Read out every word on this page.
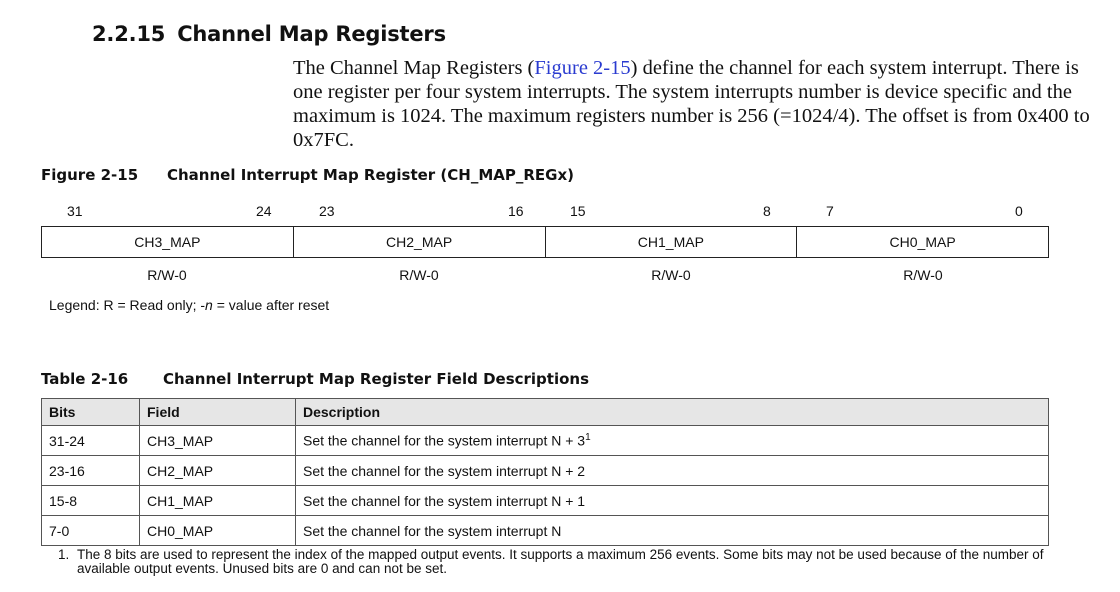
2.2.15 Channel Map Registers

The Channel Map Registers (Figure 2-15) define the channel for each system interrupt. There is one register per four system interrupts. The system interrupts number is device specific and the maximum is 1024. The maximum registers number is 256 (=1024/4). The offset is from 0x400 to 0x7FC.

Figure 2-15 Channel Interrupt Map Register (CH_MAP_REGx)

31	24	23	16	15	8	7	0
CH3_MAP	CH2_MAP	CH1_MAP	CH0_MAP
R/W-0	R/W-0	R/W-0	R/W-0

Legend: R = Read only; -n = value after reset

Table 2-16 Channel Interrupt Map Register Field Descriptions

Bits	Field	Description
31-24	CH3_MAP	Set the channel for the system interrupt $N + 3^1$
23-16	CH2_MAP	Set the channel for the system interrupt N + 2
15-8	CH1_MAP	Set the channel for the system interrupt N + 1
7-0	CH0_MAP	Set the channel for the system interrupt N

1. The 8 bits are used to represent the index of the mapped output events. It supports a maximum 256 events. Some bits may not be used because of the number of available output events. Unused bits are 0 and can not be set.
